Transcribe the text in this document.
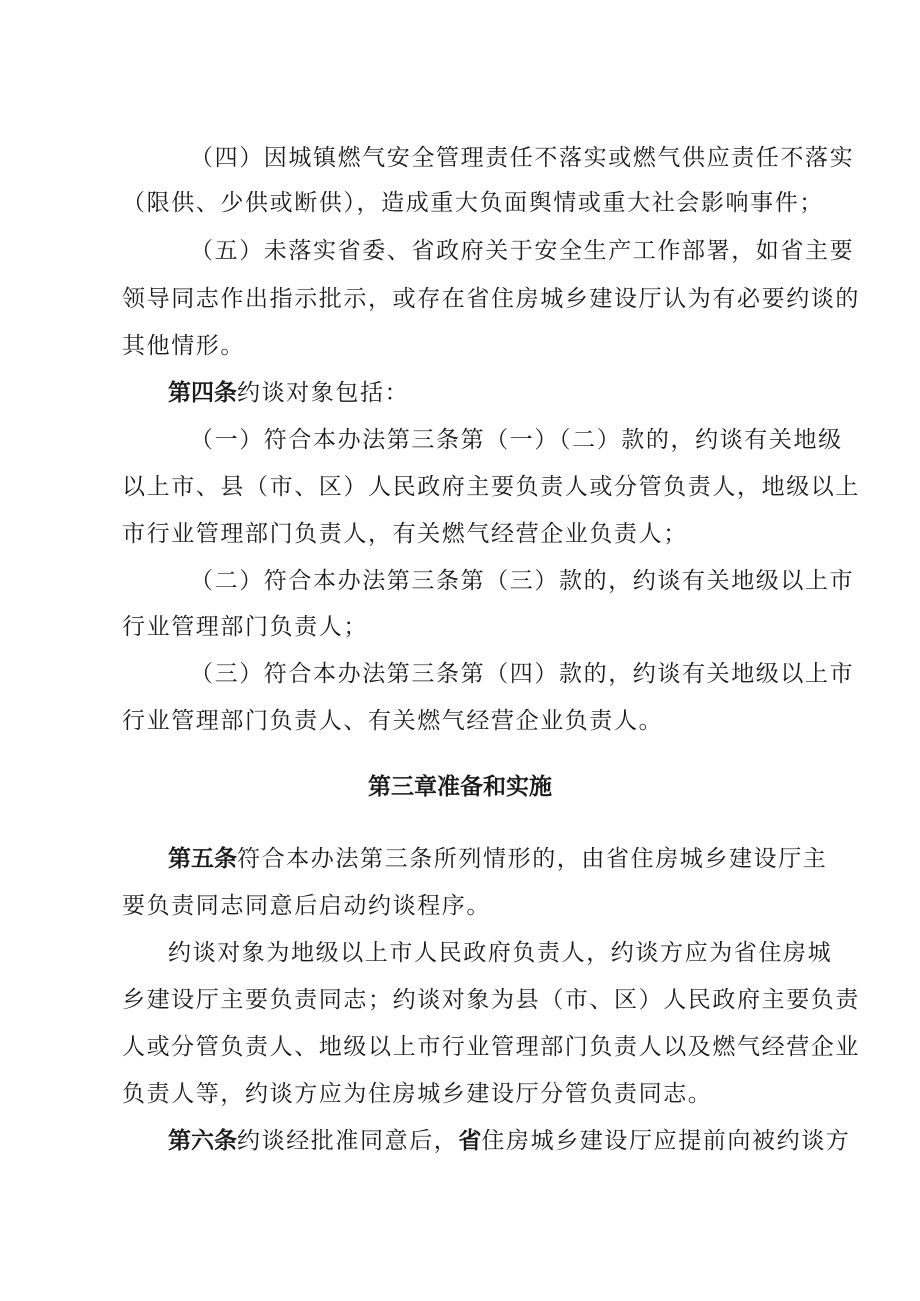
（四）因城镇燃气安全管理责任不落实或燃气供应责任不落实
（限供、少供或断供），造成重大负面舆情或重大社会影响事件；
（五）未落实省委、省政府关于安全生产工作部署，如省主要
领导同志作出指示批示，或存在省住房城乡建设厅认为有必要约谈的
其他情形。
第四条约谈对象包括：
（一）符合本办法第三条第（一）（二）款的，约谈有关地级
以上市、县（市、区）人民政府主要负责人或分管负责人，地级以上
市行业管理部门负责人，有关燃气经营企业负责人；
（二）符合本办法第三条第（三）款的，约谈有关地级以上市
行业管理部门负责人；
（三）符合本办法第三条第（四）款的，约谈有关地级以上市
行业管理部门负责人、有关燃气经营企业负责人。
第三章准备和实施
第五条符合本办法第三条所列情形的，由省住房城乡建设厅主
要负责同志同意后启动约谈程序。
约谈对象为地级以上市人民政府负责人，约谈方应为省住房城
乡建设厅主要负责同志；约谈对象为县（市、区）人民政府主要负责
人或分管负责人、地级以上市行业管理部门负责人以及燃气经营企业
负责人等，约谈方应为住房城乡建设厅分管负责同志。
第六条约谈经批准同意后，省住房城乡建设厅应提前向被约谈方
